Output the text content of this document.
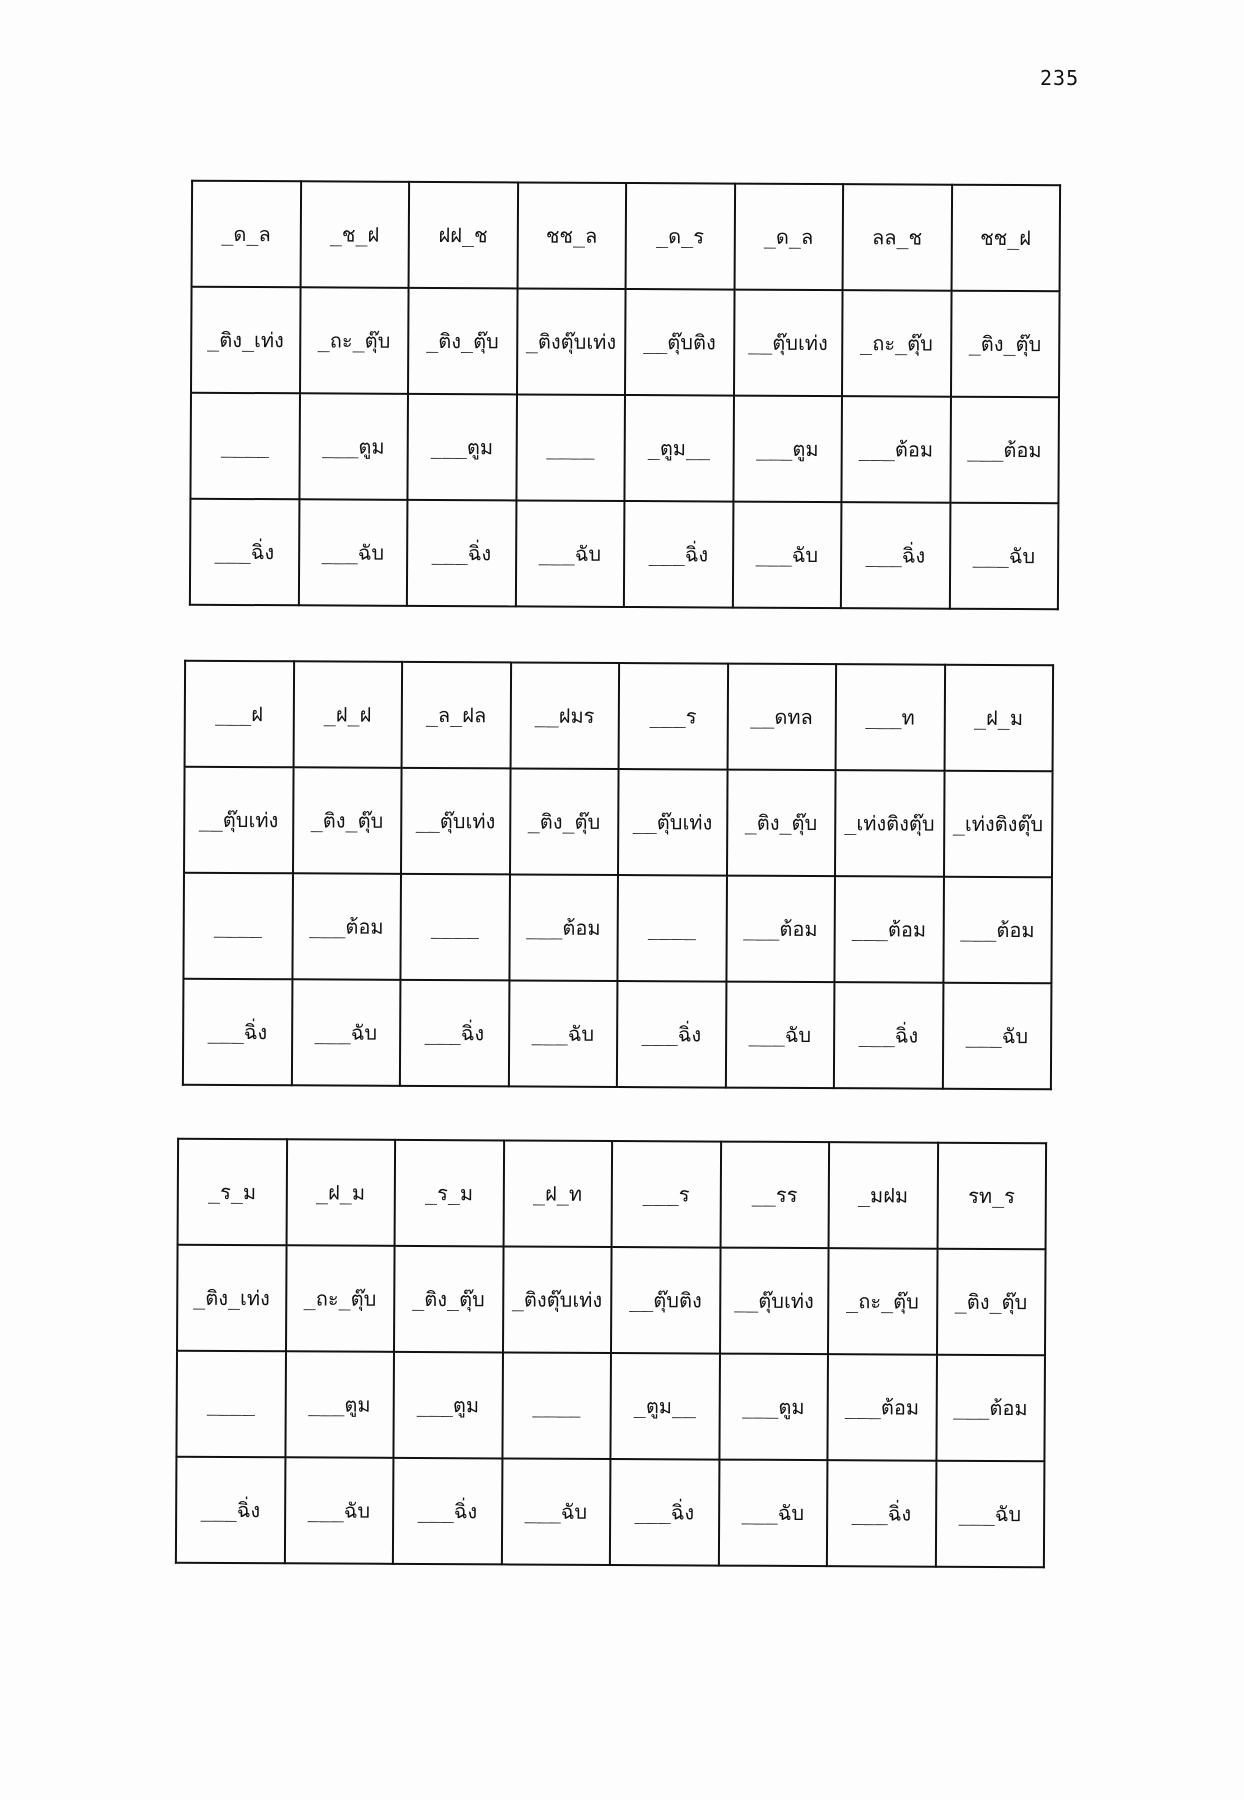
235
_ด_ล	_ช_ฝ	ฝฝ_ช	ชช_ล	_ด_ร	_ด_ล	ลล_ช	ชช_ฝ
_ติง_เท่ง	_ถะ_ตุ๊บ	_ติง_ตุ๊บ	_ติงตุ๊บเท่ง	__ตุ๊บติง	__ตุ๊บเท่ง	_ถะ_ตุ๊บ	_ติง_ตุ๊บ
____	___ตูม	___ตูม	____	_ตูม__	___ตูม	___ต้อม	___ต้อม
___ฉิ่ง	___ฉับ	___ฉิ่ง	___ฉับ	___ฉิ่ง	___ฉับ	___ฉิ่ง	___ฉับ
___ฝ	_ฝ_ฝ	_ล_ฝล	__ฝมร	___ร	__ดทล	___ท	_ฝ_ม
__ตุ๊บเท่ง	_ติง_ตุ๊บ	__ตุ๊บเท่ง	_ติง_ตุ๊บ	__ตุ๊บเท่ง	_ติง_ตุ๊บ	_เท่งติงตุ๊บ	_เท่งติงตุ๊บ
____	___ต้อม	____	___ต้อม	____	___ต้อม	___ต้อม	___ต้อม
___ฉิ่ง	___ฉับ	___ฉิ่ง	___ฉับ	___ฉิ่ง	___ฉับ	___ฉิ่ง	___ฉับ
_ร_ม	_ฝ_ม	_ร_ม	_ฝ_ท	___ร	__รร	_มฝม	รท_ร
_ติง_เท่ง	_ถะ_ตุ๊บ	_ติง_ตุ๊บ	_ติงตุ๊บเท่ง	__ตุ๊บติง	__ตุ๊บเท่ง	_ถะ_ตุ๊บ	_ติง_ตุ๊บ
____	___ตูม	___ตูม	____	_ตูม__	___ตูม	___ต้อม	___ต้อม
___ฉิ่ง	___ฉับ	___ฉิ่ง	___ฉับ	___ฉิ่ง	___ฉับ	___ฉิ่ง	___ฉับ
